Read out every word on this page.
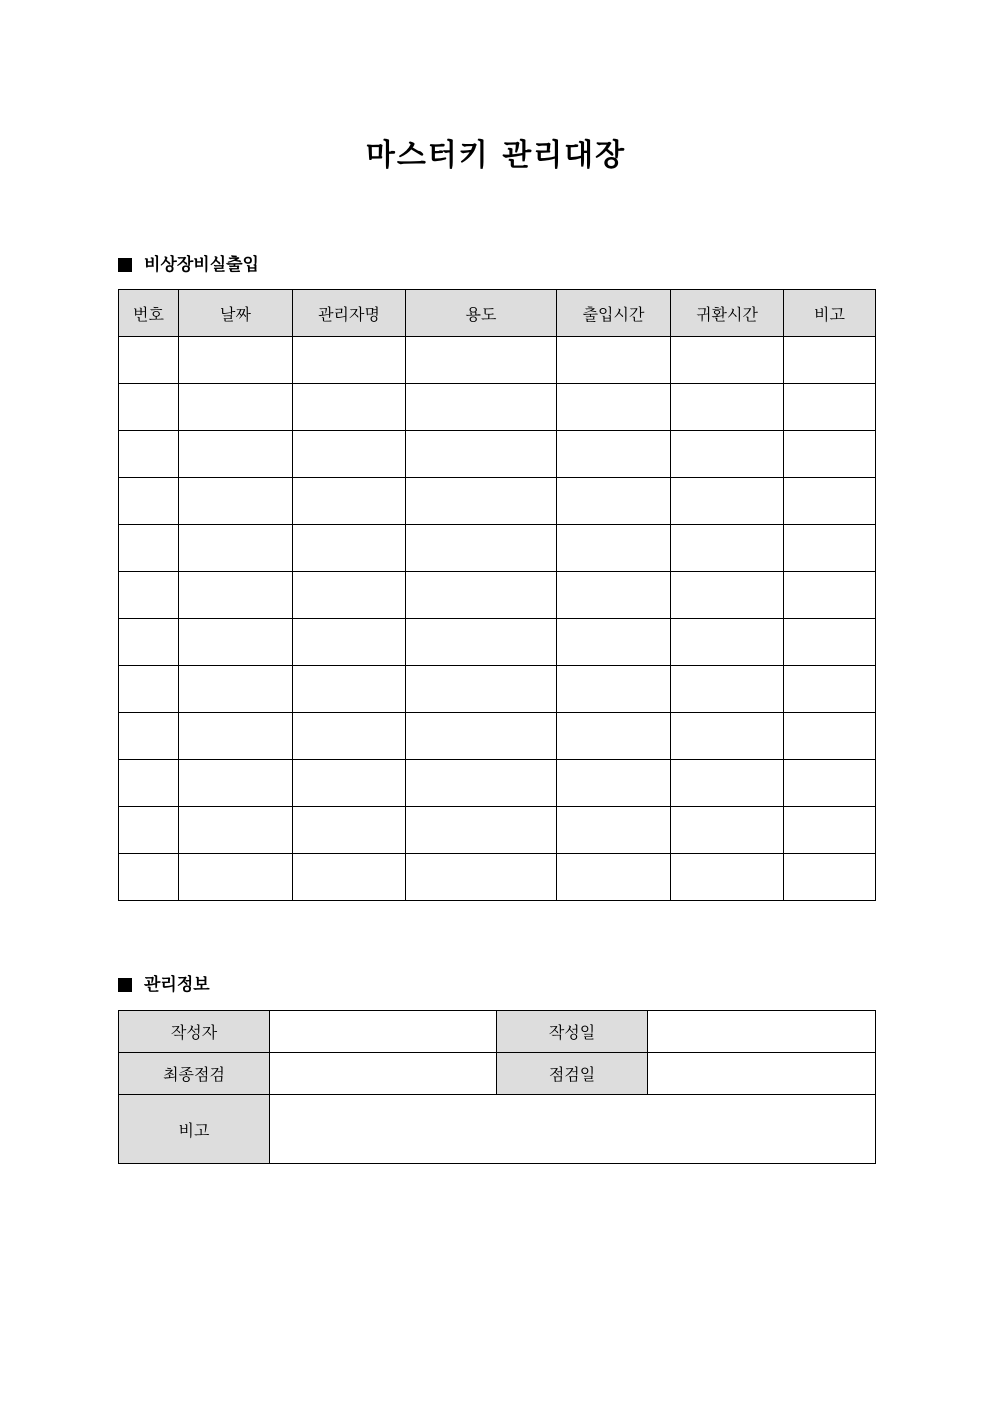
마스터키 관리대장
비상장비실출입
번호	날짜	관리자명	용도	출입시간	귀환시간	비고

관리정보
작성자		작성일	
최종점검		점검일	
비고			
